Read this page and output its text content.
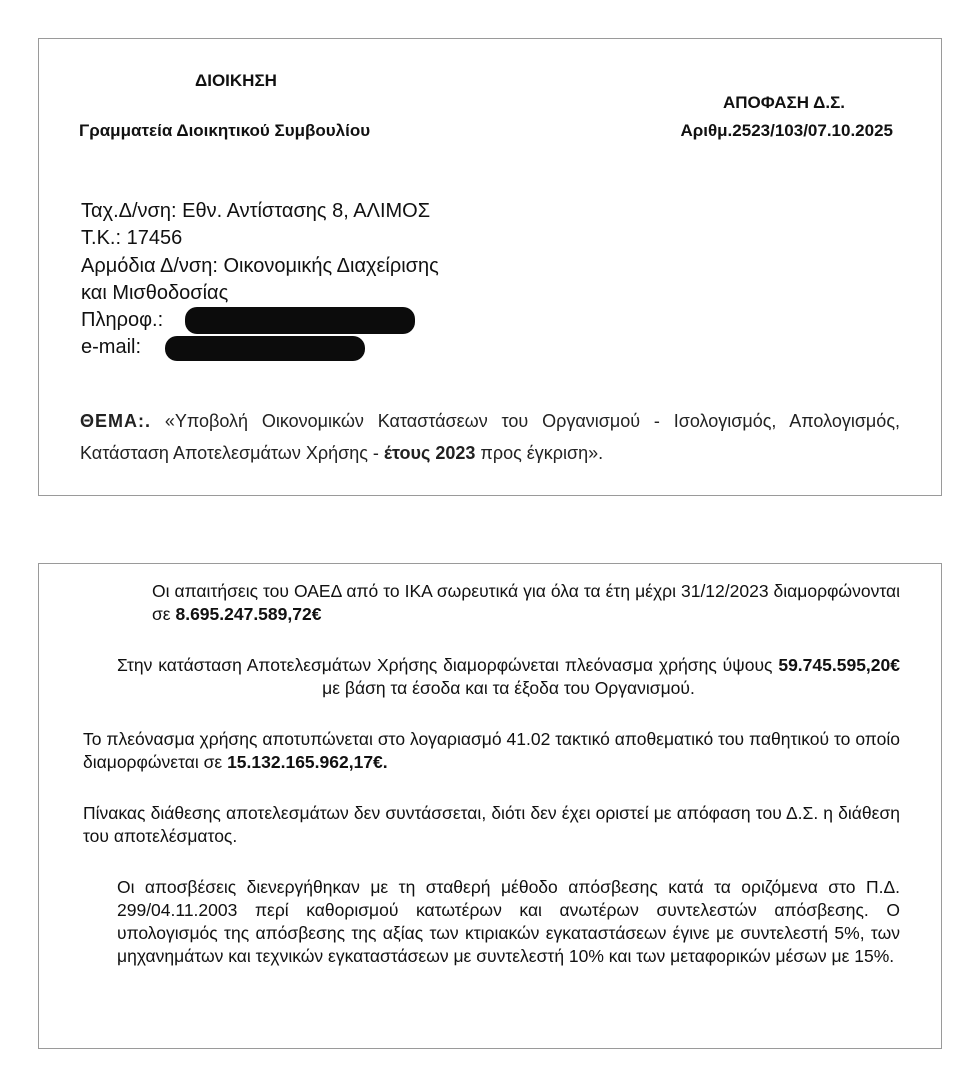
ΔΙΟΙΚΗΣΗ
Γραμματεία Διοικητικού Συμβουλίου
ΑΠΟΦΑΣΗ Δ.Σ.
Αριθμ.2523/103/07.10.2025
Ταχ.Δ/νση: Εθν. Αντίστασης 8, ΑΛΙΜΟΣ
Τ.Κ.: 17456
Αρμόδια Δ/νση: Οικονομικής Διαχείρισης
και Μισθοδοσίας
Πληροφ.:
e-mail:
ΘΕΜΑ:. «Υποβολή Οικονομικών Καταστάσεων του Οργανισμού - Ισολογισμός, Απολογισμός, Κατάσταση Αποτελεσμάτων Χρήσης - έτους 2023 προς έγκριση».
Οι απαιτήσεις του ΟΑΕΔ από το ΙΚΑ σωρευτικά για όλα τα έτη μέχρι 31/12/2023 διαμορφώνονται σε 8.695.247.589,72€
Στην κατάσταση Αποτελεσμάτων Χρήσης διαμορφώνεται πλεόνασμα χρήσης ύψους 59.745.595,20€ με βάση τα έσοδα και τα έξοδα του Οργανισμού.
Το πλεόνασμα χρήσης αποτυπώνεται στο λογαριασμό 41.02 τακτικό αποθεματικό του παθητικού το οποίο διαμορφώνεται σε 15.132.165.962,17€.
Πίνακας διάθεσης αποτελεσμάτων δεν συντάσσεται, διότι δεν έχει οριστεί με απόφαση του Δ.Σ. η διάθεση του αποτελέσματος.
Οι αποσβέσεις διενεργήθηκαν με τη σταθερή μέθοδο απόσβεσης κατά τα οριζόμενα στο Π.Δ. 299/04.11.2003 περί καθορισμού κατωτέρων και ανωτέρων συντελεστών απόσβεσης. Ο υπολογισμός της απόσβεσης της αξίας των κτιριακών εγκαταστάσεων έγινε με συντελεστή 5%, των μηχανημάτων και τεχνικών εγκαταστάσεων με συντελεστή 10% και των μεταφορικών μέσων με 15%.
